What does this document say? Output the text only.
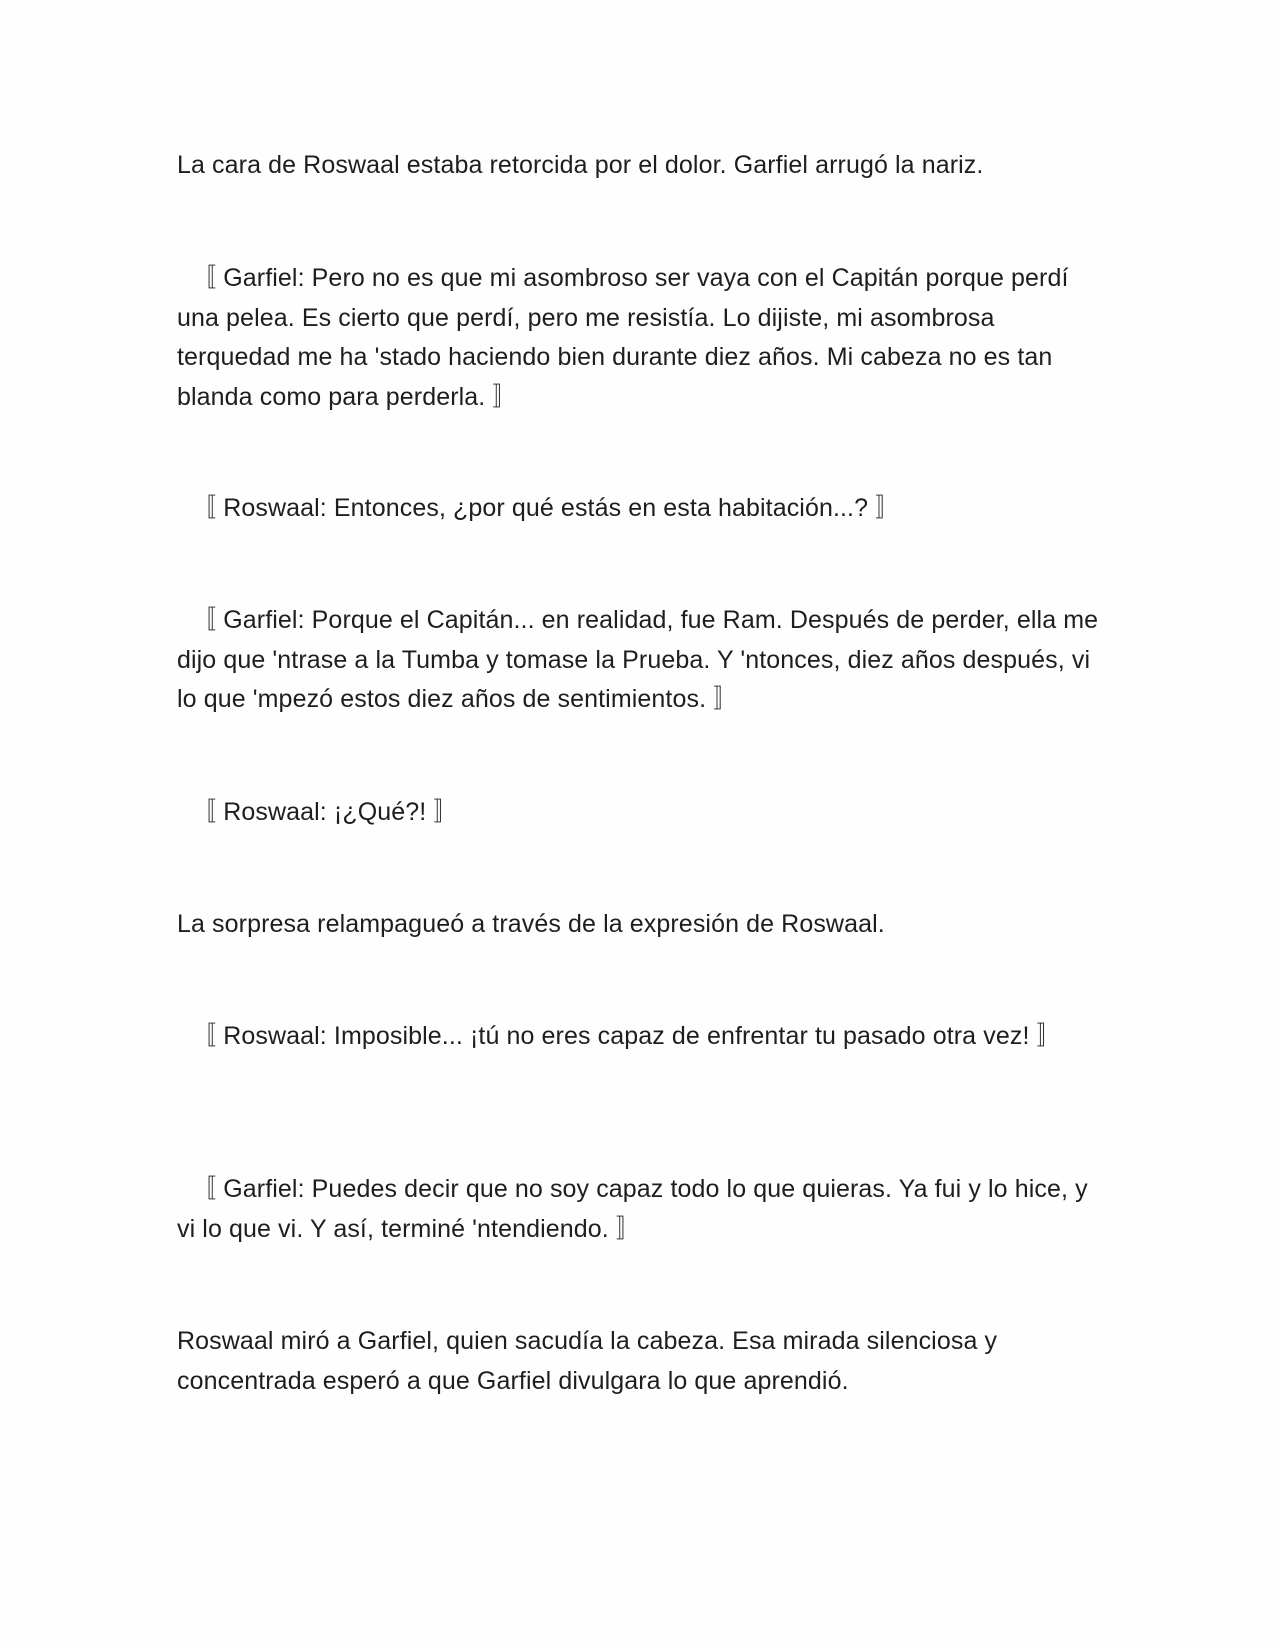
La cara de Roswaal estaba retorcida por el dolor. Garfiel arrugó la nariz.

〚 Garfiel: Pero no es que mi asombroso ser vaya con el Capitán porque perdí una pelea. Es cierto que perdí, pero me resistía. Lo dijiste, mi asombrosa terquedad me ha 'stado haciendo bien durante diez años. Mi cabeza no es tan blanda como para perderla. 〛

〚 Roswaal: Entonces, ¿por qué estás en esta habitación...? 〛

〚 Garfiel: Porque el Capitán... en realidad, fue Ram. Después de perder, ella me dijo que 'ntrase a la Tumba y tomase la Prueba. Y 'ntonces, diez años después, vi lo que 'mpezó estos diez años de sentimientos. 〛

〚 Roswaal: ¡¿Qué?! 〛

La sorpresa relampagueó a través de la expresión de Roswaal.

〚 Roswaal: Imposible... ¡tú no eres capaz de enfrentar tu pasado otra vez! 〛

〚 Garfiel: Puedes decir que no soy capaz todo lo que quieras. Ya fui y lo hice, y vi lo que vi. Y así, terminé 'ntendiendo. 〛

Roswaal miró a Garfiel, quien sacudía la cabeza. Esa mirada silenciosa y concentrada esperó a que Garfiel divulgara lo que aprendió.
